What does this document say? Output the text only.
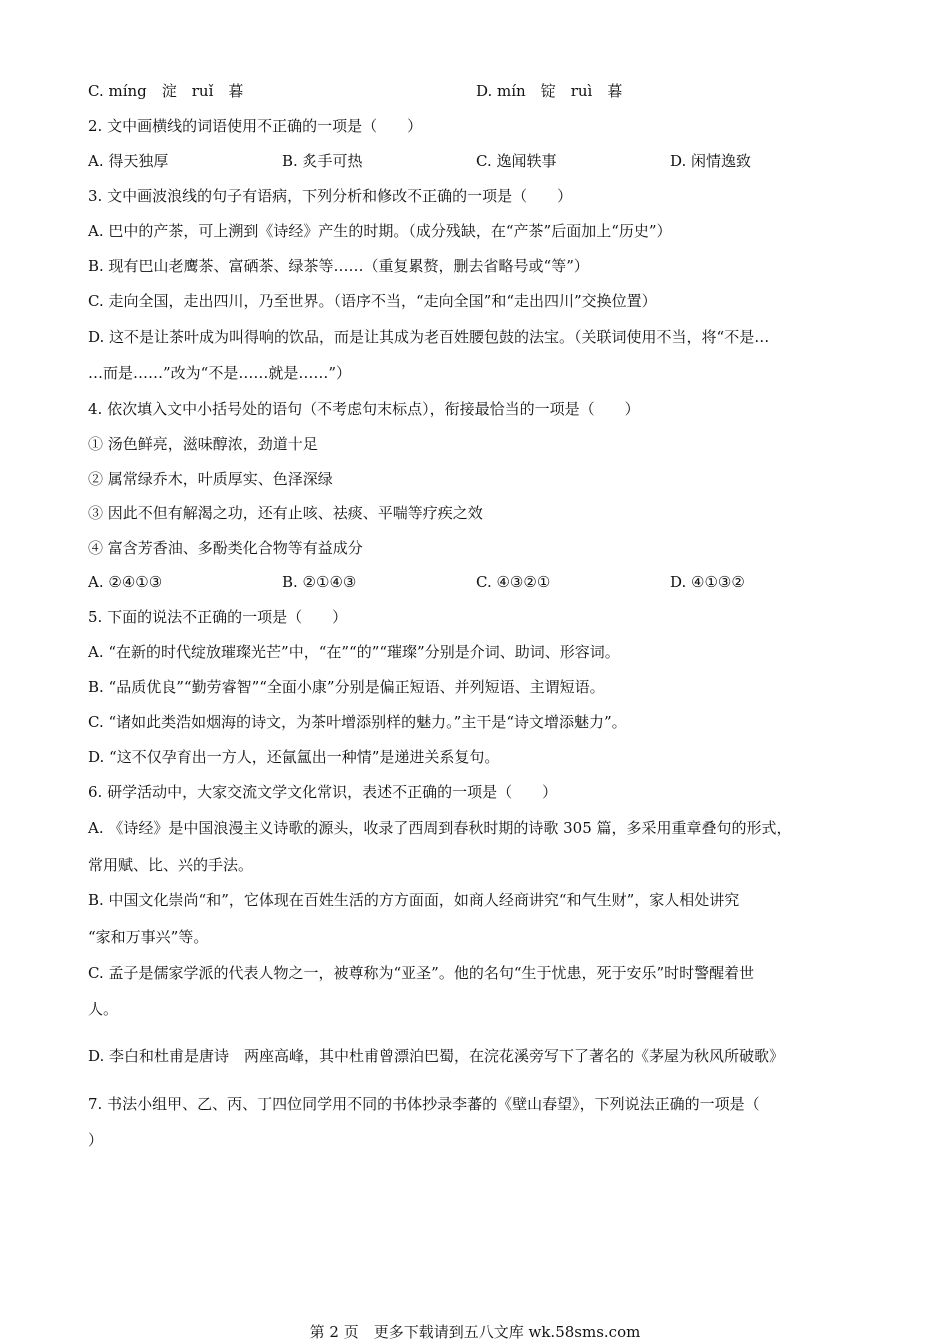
C. míng　淀　ruǐ　暮	D. mín　锭　ruì　暮
2. 文中画横线的词语使用不正确的一项是（　　）
A. 得天独厚	B. 炙手可热	C. 逸闻轶事	D. 闲情逸致
3. 文中画波浪线的句子有语病，下列分析和修改不正确的一项是（　　）
A. 巴中的产茶，可上溯到《诗经》产生的时期。（成分残缺，在“产茶”后面加上“历史”）
B. 现有巴山老鹰茶、富硒茶、绿茶等……（重复累赘，删去省略号或“等”）
C. 走向全国，走出四川，乃至世界。（语序不当，“走向全国”和“走出四川”交换位置）
D. 这不是让茶叶成为叫得响的饮品，而是让其成为老百姓腰包鼓的法宝。（关联词使用不当，将“不是…
…而是……”改为“不是……就是……”）
4. 依次填入文中小括号处的语句（不考虑句末标点），衔接最恰当的一项是（　　）
① 汤色鲜亮，滋味醇浓，劲道十足
② 属常绿乔木，叶质厚实、色泽深绿
③ 因此不但有解渴之功，还有止咳、祛痰、平喘等疗疾之效
④ 富含芳香油、多酚类化合物等有益成分
A. ②④①③	B. ②①④③	C. ④③②①	D. ④①③②
5. 下面的说法不正确的一项是（　　）
A. “在新的时代绽放璀璨光芒”中，“在”“的”“璀璨”分别是介词、助词、形容词。
B. “品质优良”“勤劳睿智”“全面小康”分别是偏正短语、并列短语、主谓短语。
C. “诸如此类浩如烟海的诗文，为茶叶增添别样的魅力。”主干是“诗文增添魅力”。
D. “这不仅孕育出一方人，还氤氲出一种情”是递进关系复句。
6. 研学活动中，大家交流文学文化常识，表述不正确的一项是（　　）
A. 《诗经》是中国浪漫主义诗歌的源头，收录了西周到春秋时期的诗歌 305 篇，多采用重章叠句的形式，
常用赋、比、兴的手法。
B. 中国文化崇尚“和”，它体现在百姓生活的方方面面，如商人经商讲究“和气生财”，家人相处讲究
“家和万事兴”等。
C. 孟子是儒家学派的代表人物之一，被尊称为“亚圣”。他的名句“生于忧患，死于安乐”时时警醒着世
人。
D. 李白和杜甫是唐诗　两座高峰，其中杜甫曾漂泊巴蜀，在浣花溪旁写下了著名的《茅屋为秋风所破歌》
7. 书法小组甲、乙、丙、丁四位同学用不同的书体抄录李蕃的《壁山春望》，下列说法正确的一项是（
）
第 2 页　更多下载请到五八文库 wk.58sms.com
